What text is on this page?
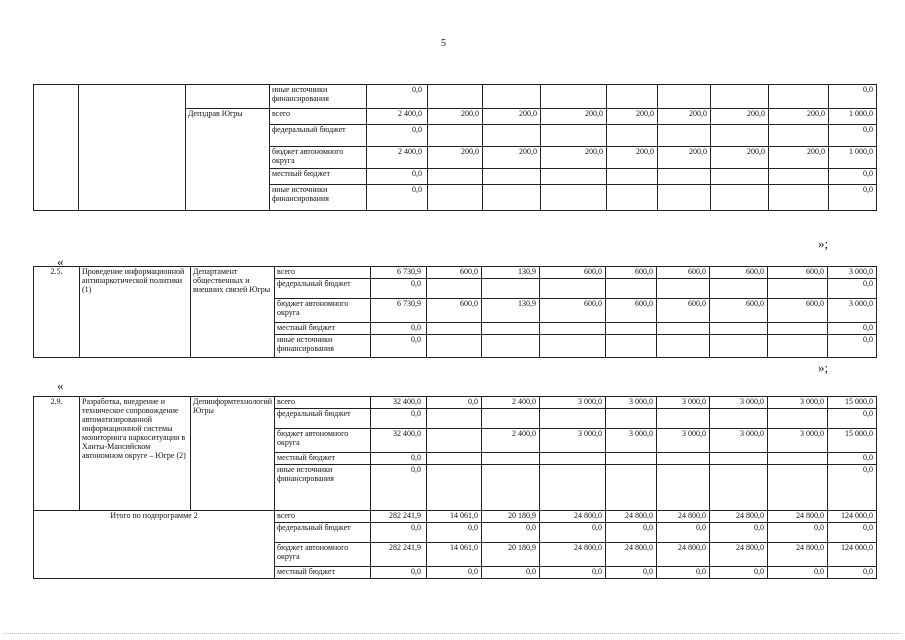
5
			иные источники финансирования	0,0								0,0
		Депздрав Югры	всего	2 400,0	200,0	200,0	200,0	200,0	200,0	200,0	200,0	1 000,0
			федеральный бюджет	0,0								0,0
			бюджет автономного округа	2 400,0	200,0	200,0	200,0	200,0	200,0	200,0	200,0	1 000,0
			местный бюджет	0,0								0,0
			иные источники финансирования	0,0								0,0
«
»;
2.5.	Проведение информационной антинаркотической политики (1)	Департамент общественных и внешних связей Югры	всего	6 730,9	600,0	130,9	600,0	600,0	600,0	600,0	600,0	3 000,0
			федеральный бюджет	0,0								0,0
			бюджет автономного округа	6 730,9	600,0	130,9	600,0	600,0	600,0	600,0	600,0	3 000,0
			местный бюджет	0,0								0,0
			иные источники финансирования	0,0								0,0
«
»;
2.9.	Разработка, внедрение и техническое сопровождение автоматизированной информационной системы мониторинга наркоситуации в Ханты-Мансийском автономном округе – Югре (2)	Депинформтехнологий Югры	всего	32 400,0	0,0	2 400,0	3 000,0	3 000,0	3 000,0	3 000,0	3 000,0	15 000,0
			федеральный бюджет	0,0								0,0
			бюджет автономного округа	32 400,0		2 400,0	3 000,0	3 000,0	3 000,0	3 000,0	3 000,0	15 000,0
			местный бюджет	0,0								0,0
			иные источники финансирования	0,0								0,0
Итого по подпрограмме 2			всего	282 241,9	14 061,0	20 180,9	24 800,0	24 800,0	24 800,0	24 800,0	24 800,0	124 000,0
			федеральный бюджет	0,0	0,0	0,0	0,0	0,0	0,0	0,0	0,0	0,0
			бюджет автономного округа	282 241,9	14 061,0	20 180,9	24 800,0	24 800,0	24 800,0	24 800,0	24 800,0	124 000,0
			местный бюджет	0,0	0,0	0,0	0,0	0,0	0,0	0,0	0,0	0,0
